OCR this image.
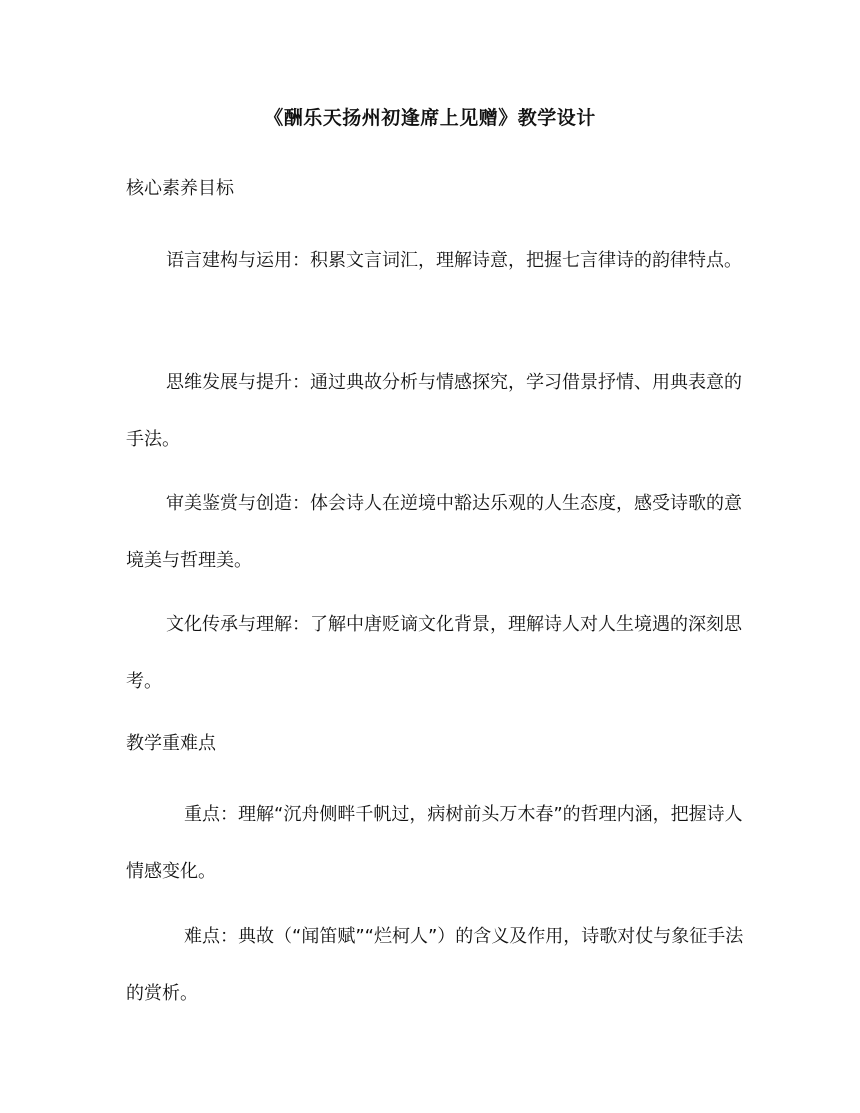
《酬乐天扬州初逢席上见赠》教学设计
核心素养目标

语言建构与运用：积累文言词汇，理解诗意，把握七言律诗的韵律特点。

思维发展与提升：通过典故分析与情感探究，学习借景抒情、用典表意的手法。

审美鉴赏与创造：体会诗人在逆境中豁达乐观的人生态度，感受诗歌的意境美与哲理美。

文化传承与理解：了解中唐贬谪文化背景，理解诗人对人生境遇的深刻思考。

教学重难点

重点：理解“沉舟侧畔千帆过，病树前头万木春”的哲理内涵，把握诗人情感变化。

难点：典故（“闻笛赋”“烂柯人”）的含义及作用，诗歌对仗与象征手法的赏析。
